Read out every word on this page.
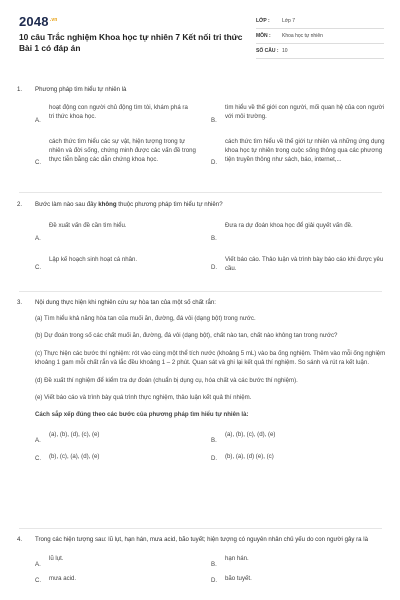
$2048^{.vn}$
10 câu Trắc nghiệm Khoa học tự nhiên 7 Kết nối tri thức Bài 1 có đáp án
LỚP :	Lớp 7
MÔN :	Khoa học tự nhiên
SỐ CÂU : 10
1.	Phương pháp tìm hiểu tự nhiên là
A.
hoạt động con người chủ động tìm tòi, khám phá ra tri thức khoa học.	B.
tìm hiểu về thế giới con người, mối quan hệ của con người với môi trường.
C.
cách thức tìm hiểu các sự vật, hiện tượng trong tự nhiên và đời sống, chứng minh được các vấn đề trong thực tiễn bằng các dẫn chứng khoa học.	D.
cách thức tìm hiểu về thế giới tự nhiên và những ứng dụng khoa học tự nhiên trong cuộc sống thông qua các phương tiện truyền thông như sách, báo, internet,...
2.	Bước làm nào sau đây không thuộc phương pháp tìm hiểu tự nhiên?
A.
Đề xuất vấn đề cần tìm hiểu.
B.
Đưa ra dự đoán khoa học để giải quyết vấn đề.
C.
Lập kế hoạch sinh hoạt cá nhân.
D.
Viết báo cáo. Thảo luận và trình bày báo cáo khi được yêu cầu.
3.	Nội dung thực hiện khi nghiên cứu sự hòa tan của một số chất rắn:
(a) Tìm hiểu khả năng hòa tan của muối ăn, đường, đá vôi (dạng bột) trong nước.
(b) Dự đoán trong số các chất muối ăn, đường, đá vôi (dạng bột), chất nào tan, chất nào không tan trong nước?
(c) Thực hiện các bước thí nghiệm: rót vào cùng một thể tích nước (khoảng 5 mL) vào ba ống nghiệm. Thêm vào mỗi ống nghiệm khoảng 1 gam mỗi chất rắn và lắc đều khoảng 1 – 2 phút. Quan sát và ghi lại kết quả thí nghiệm. So sánh và rút ra kết luận.
(d) Đề xuất thí nghiệm để kiểm tra dự đoán (chuẩn bị dụng cụ, hóa chất và các bước thí nghiệm).
(e) Viết báo cáo và trình bày quá trình thực nghiệm, thảo luận kết quả thí nhiệm.
Cách sắp xếp đúng theo các bước của phương pháp tìm hiểu tự nhiên là:
A.
(a), (b), (d), (c), (e)
B.
(a), (b), (c), (d), (e)
C.	(b), (c), (a), (d), (e)	D.	(b), (a), (d) (e), (c)
4.	Trong các hiện tượng sau: lũ lụt, hạn hán, mưa acid, bão tuyết; hiện tượng có nguyên nhân chủ yếu do con người gây ra là
A.
lũ lụt.
B.
hạn hán.
C.	mưa acid.	D.	bão tuyết.
